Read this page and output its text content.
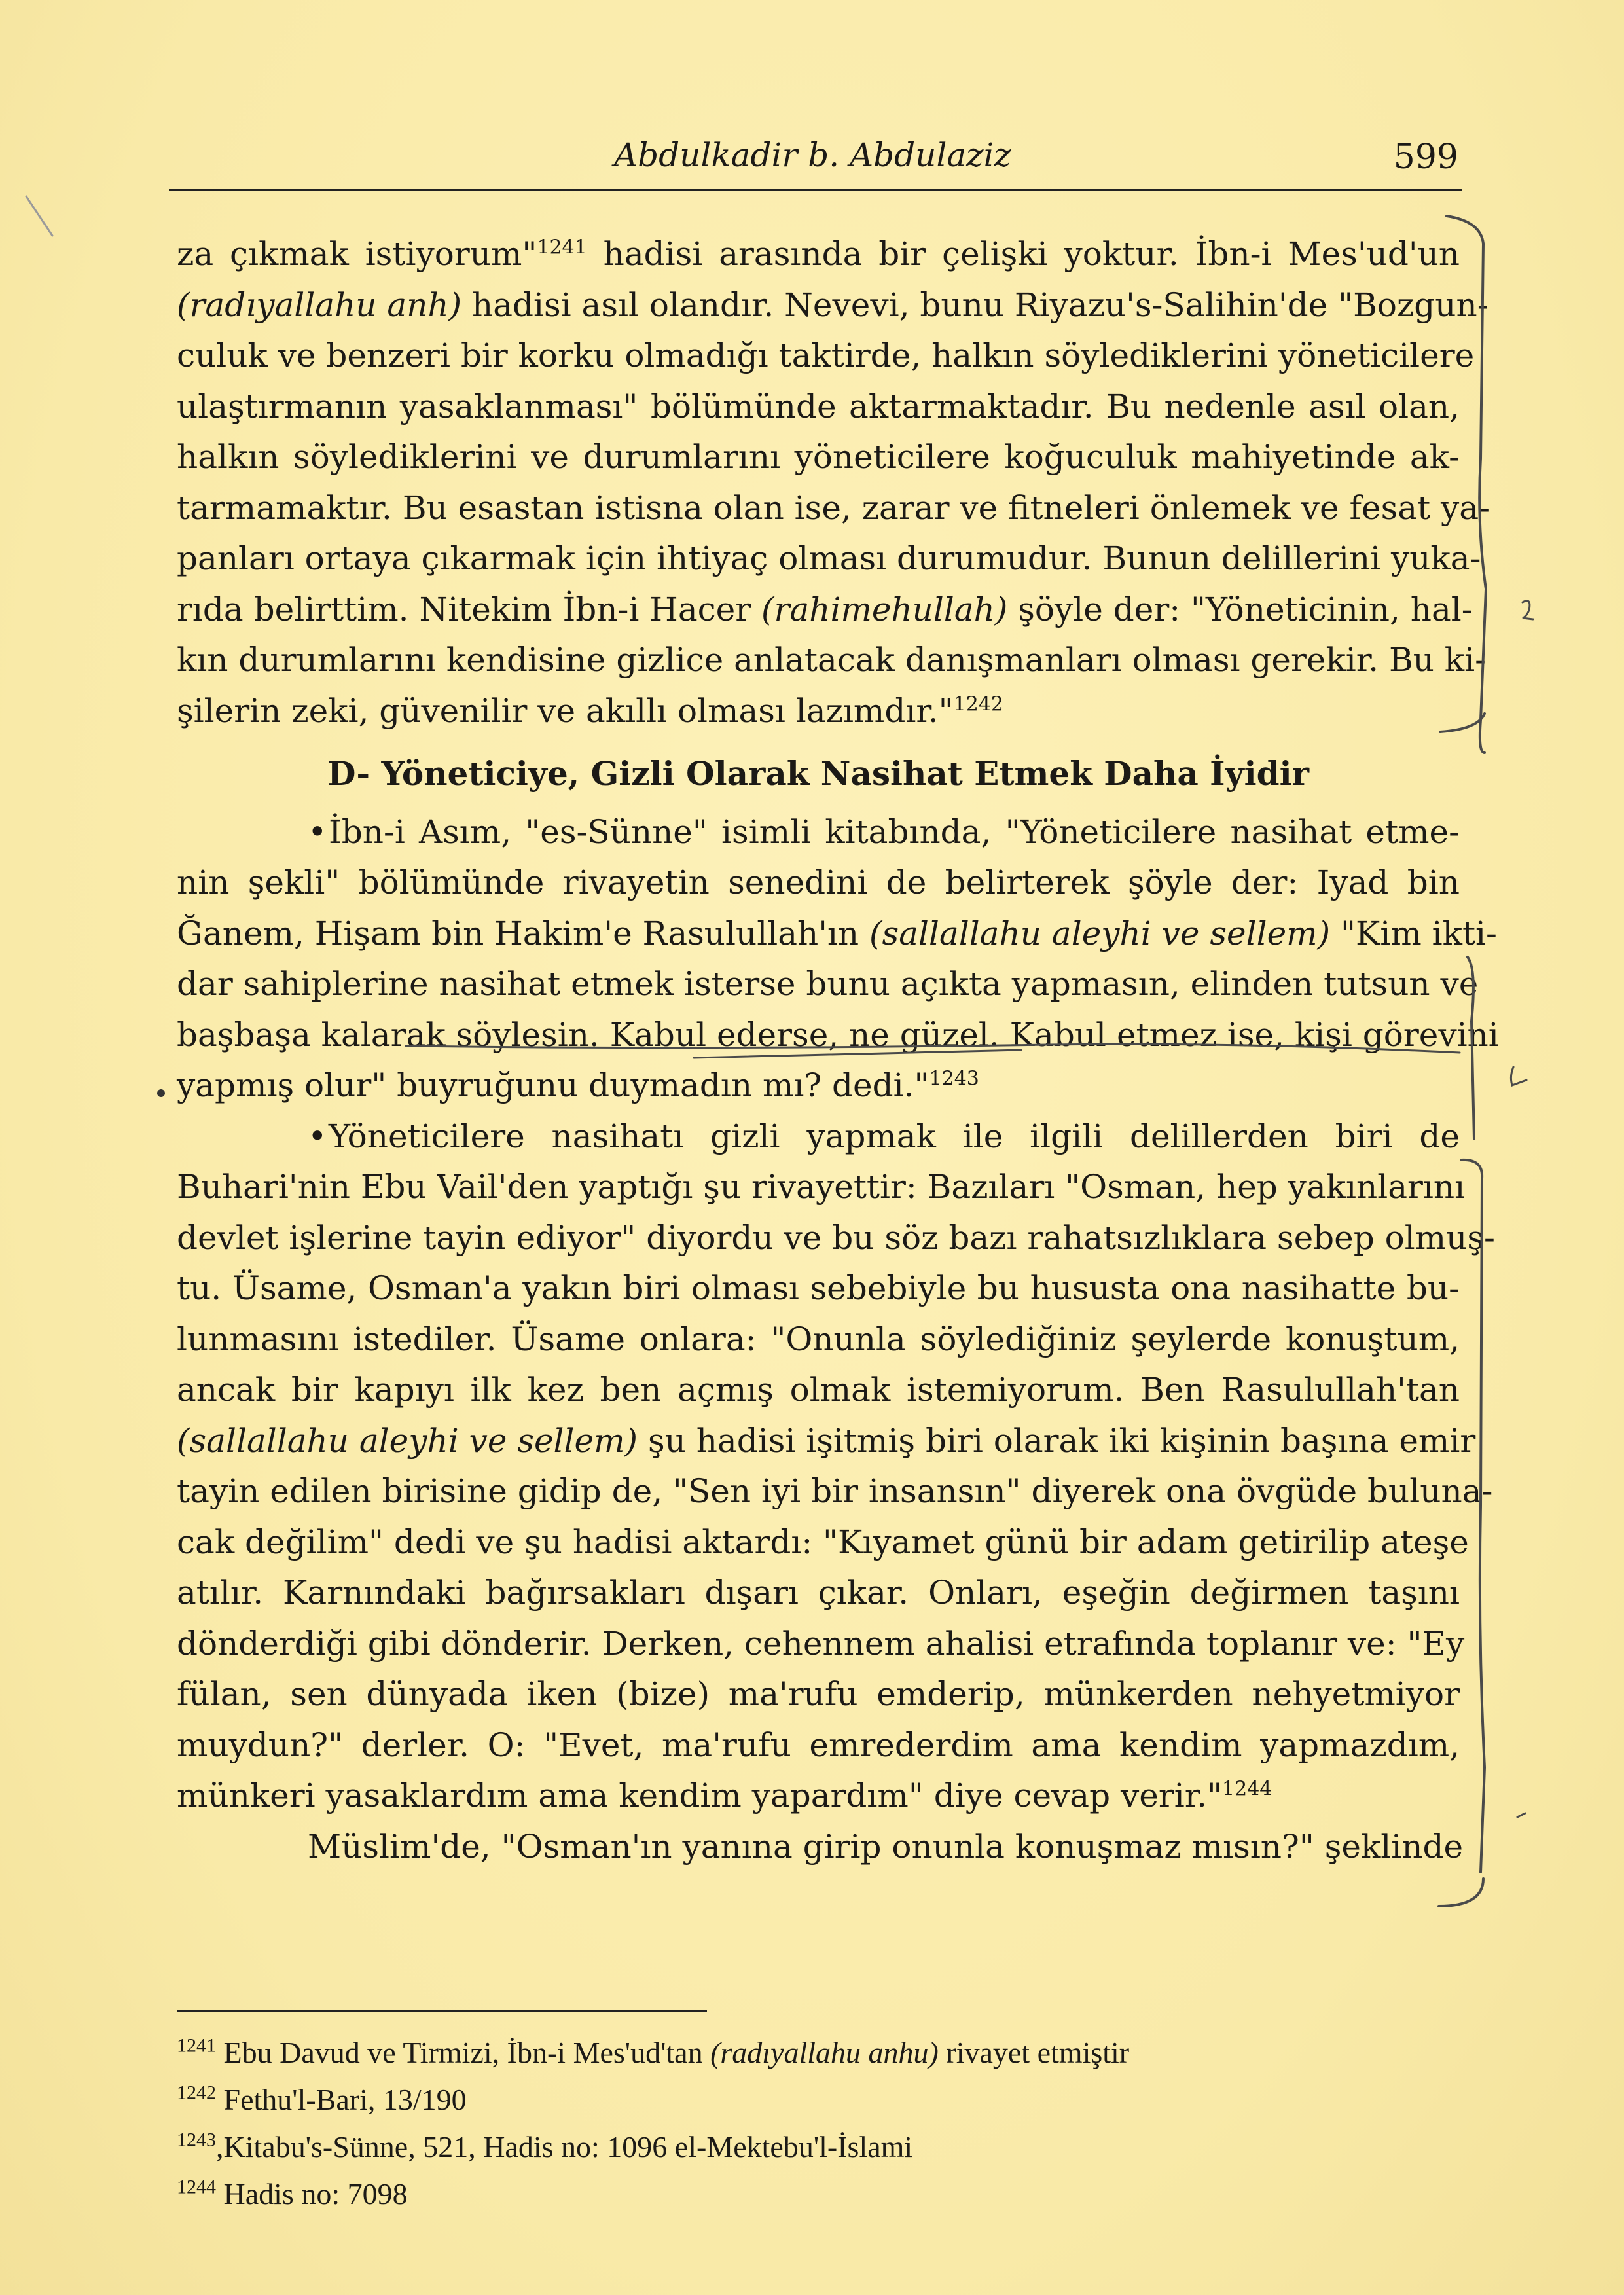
Abdulkadir b. Abdulaziz	599

za çıkmak istiyorum"$^{1241}$ hadisi arasında bir çelişki yoktur. İbn-i Mes'ud'un
(radıyallahu anh) hadisi asıl olandır. Nevevi, bunu Riyazu's-Salihin'de "Bozgun-
culuk ve benzeri bir korku olmadığı taktirde, halkın söylediklerini yöneticilere
ulaştırmanın yasaklanması" bölümünde aktarmaktadır. Bu nedenle asıl olan,
halkın söylediklerini ve durumlarını yöneticilere koğuculuk mahiyetinde ak-
tarmamaktır. Bu esastan istisna olan ise, zarar ve fitneleri önlemek ve fesat ya-
panları ortaya çıkarmak için ihtiyaç olması durumudur. Bunun delillerini yuka-
rıda belirttim. Nitekim İbn-i Hacer (rahimehullah) şöyle der: "Yöneticinin, hal-
kın durumlarını kendisine gizlice anlatacak danışmanları olması gerekir. Bu ki-
şilerin zeki, güvenilir ve akıllı olması lazımdır."$^{1242}$

D- Yöneticiye, Gizli Olarak Nasihat Etmek Daha İyidir

•İbn-i Asım, "es-Sünne" isimli kitabında, "Yöneticilere nasihat etme-
nin şekli" bölümünde rivayetin senedini de belirterek şöyle der: Iyad bin
Ğanem, Hişam bin Hakim'e Rasulullah'ın (sallallahu aleyhi ve sellem) "Kim ikti-
dar sahiplerine nasihat etmek isterse bunu açıkta yapmasın, elinden tutsun ve
başbaşa kalarak söylesin. Kabul ederse, ne güzel. Kabul etmez ise, kişi görevini
yapmış olur" buyruğunu duymadın mı? dedi."$^{1243}$

•Yöneticilere nasihatı gizli yapmak ile ilgili delillerden biri de
Buhari'nin Ebu Vail'den yaptığı şu rivayettir: Bazıları "Osman, hep yakınlarını
devlet işlerine tayin ediyor" diyordu ve bu söz bazı rahatsızlıklara sebep olmuş-
tu. Üsame, Osman'a yakın biri olması sebebiyle bu hususta ona nasihatte bu-
lunmasını istediler. Üsame onlara: "Onunla söylediğiniz şeylerde konuştum,
ancak bir kapıyı ilk kez ben açmış olmak istemiyorum. Ben Rasulullah'tan
(sallallahu aleyhi ve sellem) şu hadisi işitmiş biri olarak iki kişinin başına emir
tayin edilen birisine gidip de, "Sen iyi bir insansın" diyerek ona övgüde buluna-
cak değilim" dedi ve şu hadisi aktardı: "Kıyamet günü bir adam getirilip ateşe
atılır. Karnındaki bağırsakları dışarı çıkar. Onları, eşeğin değirmen taşını
dönderdiği gibi dönderir. Derken, cehennem ahalisi etrafında toplanır ve: "Ey
fülan, sen dünyada iken (bize) ma'rufu emderip, münkerden nehyetmiyor
muydun?" derler. O: "Evet, ma'rufu emrederdim ama kendim yapmazdım,
münkeri yasaklardım ama kendim yapardım" diye cevap verir."$^{1244}$

Müslim'de, "Osman'ın yanına girip onunla konuşmaz mısın?" şeklinde

$^{1241}$ Ebu Davud ve Tirmizi, İbn-i Mes'ud'tan (radıyallahu anhu) rivayet etmiştir
$^{1242}$ Fethu'l-Bari, 13/190
$^{1243}$,Kitabu's-Sünne, 521, Hadis no: 1096 el-Mektebu'l-İslami
$^{1244}$ Hadis no: 7098
